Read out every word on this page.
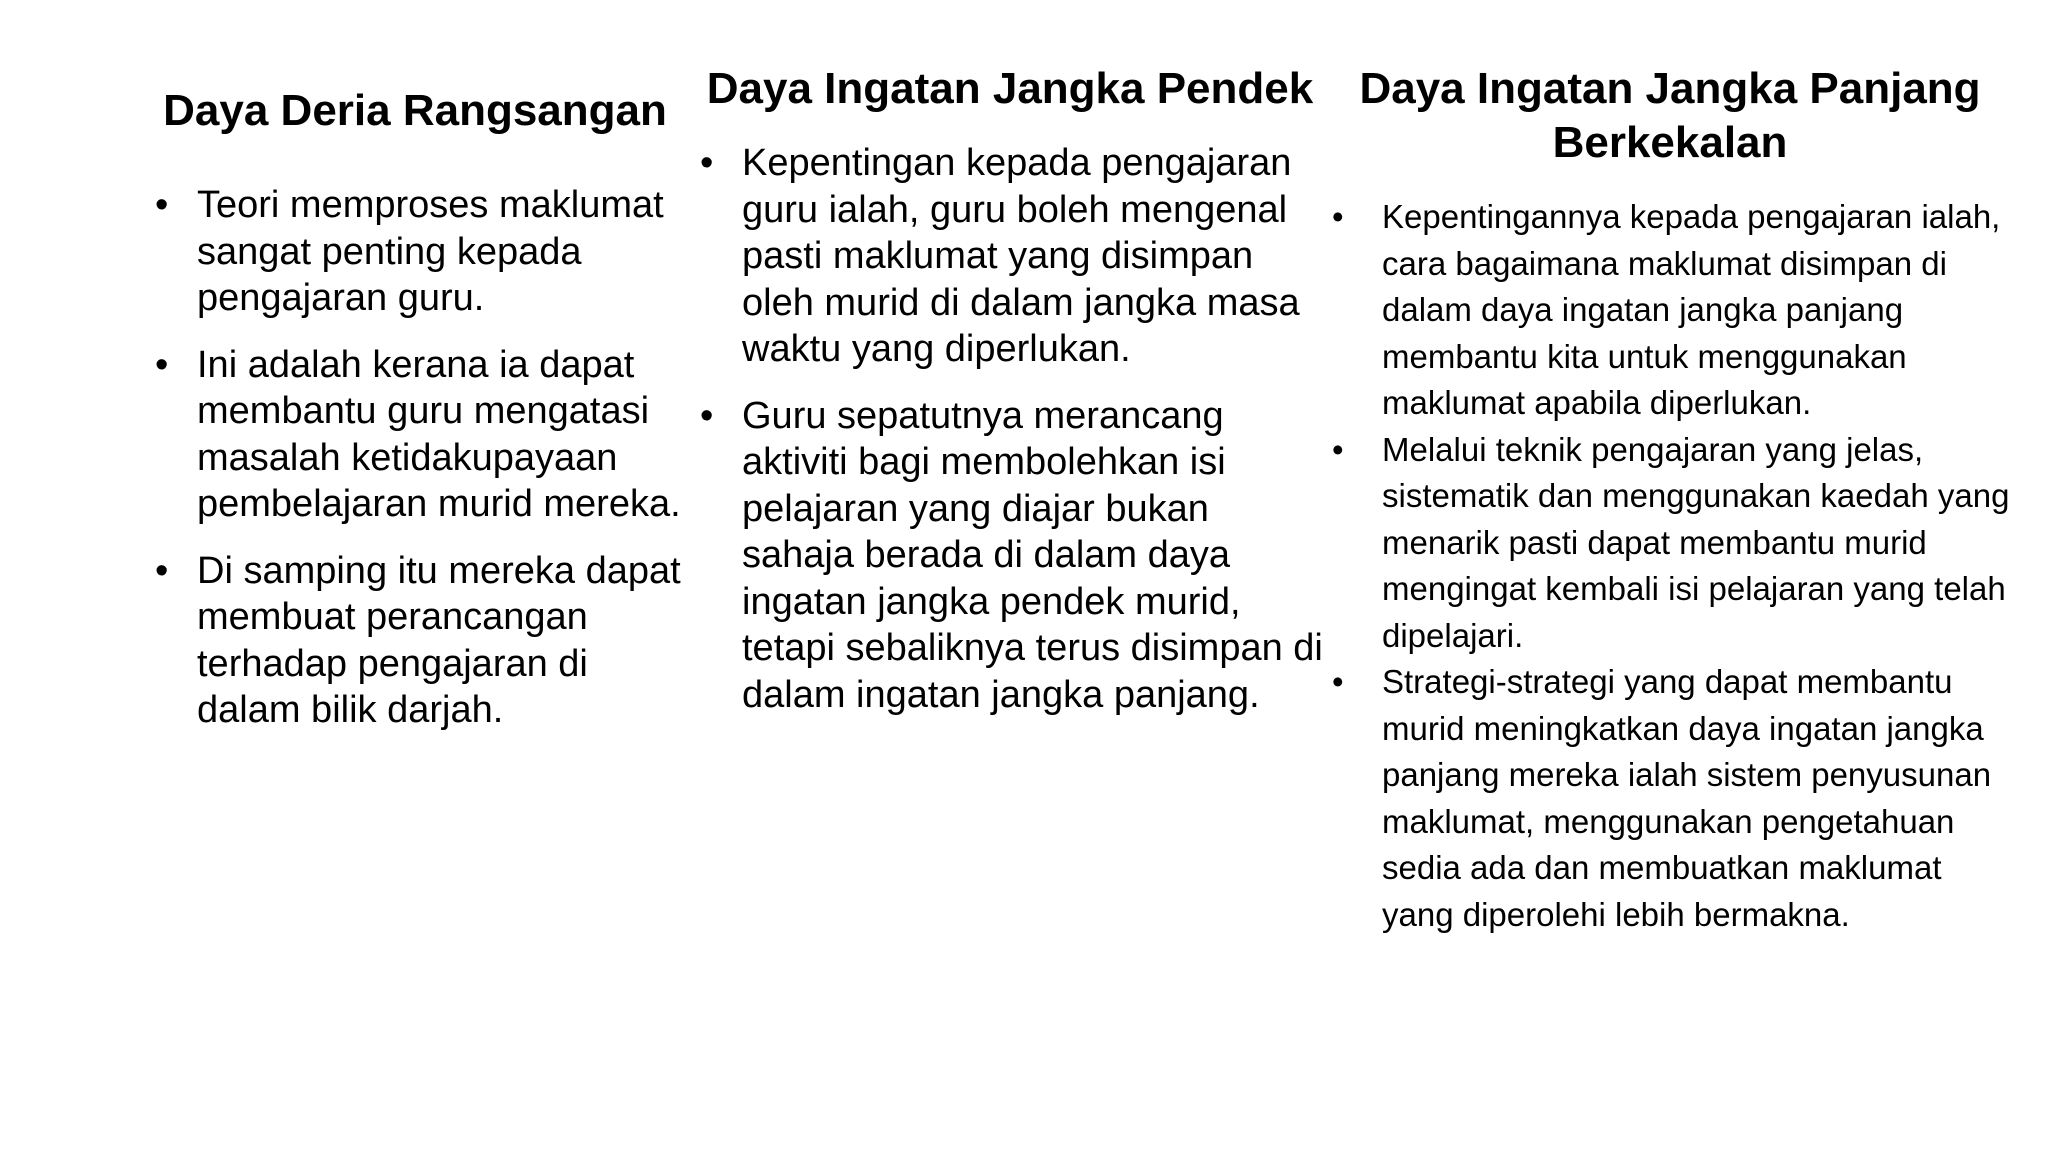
Daya Deria Rangsangan
• Teori memproses maklumat sangat penting kepada pengajaran guru.
• Ini adalah kerana ia dapat membantu guru mengatasi masalah ketidakupayaan pembelajaran murid mereka.
• Di samping itu mereka dapat membuat perancangan terhadap pengajaran di dalam bilik darjah.
Daya Ingatan Jangka Pendek
• Kepentingan kepada pengajaran guru ialah, guru boleh mengenal pasti maklumat yang disimpan oleh murid di dalam jangka masa waktu yang diperlukan.
• Guru sepatutnya merancang aktiviti bagi membolehkan isi pelajaran yang diajar bukan sahaja berada di dalam daya ingatan jangka pendek murid, tetapi sebaliknya terus disimpan di dalam ingatan jangka panjang.
Daya Ingatan Jangka Panjang Berkekalan
• Kepentingannya kepada pengajaran ialah, cara bagaimana maklumat disimpan di dalam daya ingatan jangka panjang membantu kita untuk menggunakan maklumat apabila diperlukan.
• Melalui teknik pengajaran yang jelas, sistematik dan menggunakan kaedah yang menarik pasti dapat membantu murid mengingat kembali isi pelajaran yang telah dipelajari.
• Strategi-strategi yang dapat membantu murid meningkatkan daya ingatan jangka panjang mereka ialah sistem penyusunan maklumat, menggunakan pengetahuan sedia ada dan membuatkan maklumat yang diperolehi lebih bermakna.
